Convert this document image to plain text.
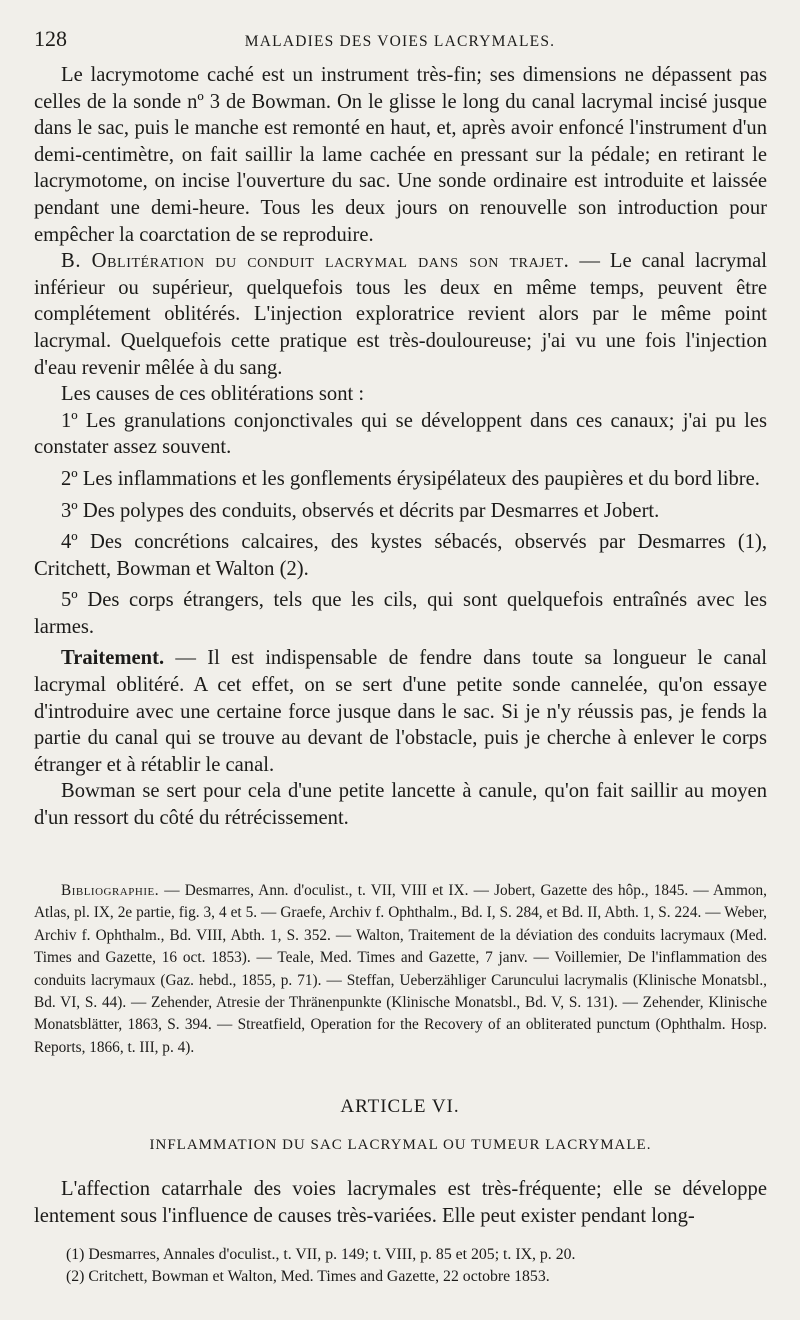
128	MALADIES DES VOIES LACRYMALES.

Le lacrymotome caché est un instrument très-fin; ses dimensions ne dépassent pas celles de la sonde nº 3 de Bowman. On le glisse le long du canal lacrymal incisé jusque dans le sac, puis le manche est remonté en haut, et, après avoir enfoncé l'instrument d'un demi-centimètre, on fait saillir la lame cachée en pressant sur la pédale; en retirant le lacrymotome, on incise l'ouverture du sac. Une sonde ordinaire est introduite et laissée pendant une demi-heure. Tous les deux jours on renouvelle son introduction pour empêcher la coarctation de se reproduire.

B. Oblitération du conduit lacrymal dans son trajet. — Le canal lacrymal inférieur ou supérieur, quelquefois tous les deux en même temps, peuvent être complétement oblitérés. L'injection exploratrice revient alors par le même point lacrymal. Quelquefois cette pratique est très-douloureuse; j'ai vu une fois l'injection d'eau revenir mêlée à du sang.

Les causes de ces oblitérations sont :

1º Les granulations conjonctivales qui se développent dans ces canaux; j'ai pu les constater assez souvent.

2º Les inflammations et les gonflements érysipélateux des paupières et du bord libre.

3º Des polypes des conduits, observés et décrits par Desmarres et Jobert.

4º Des concrétions calcaires, des kystes sébacés, observés par Desmarres (1), Critchett, Bowman et Walton (2).

5º Des corps étrangers, tels que les cils, qui sont quelquefois entraînés avec les larmes.

Traitement. — Il est indispensable de fendre dans toute sa longueur le canal lacrymal oblitéré. A cet effet, on se sert d'une petite sonde cannelée, qu'on essaye d'introduire avec une certaine force jusque dans le sac. Si je n'y réussis pas, je fends la partie du canal qui se trouve au devant de l'obstacle, puis je cherche à enlever le corps étranger et à rétablir le canal.

Bowman se sert pour cela d'une petite lancette à canule, qu'on fait saillir au moyen d'un ressort du côté du rétrécissement.

Bibliographie. — Desmarres, Ann. d'oculist., t. VII, VIII et IX. — Jobert, Gazette des hôp., 1845. — Ammon, Atlas, pl. IX, 2e partie, fig. 3, 4 et 5. — Graefe, Archiv f. Ophthalm., Bd. I, S. 284, et Bd. II, Abth. 1, S. 224. — Weber, Archiv f. Ophthalm., Bd. VIII, Abth. 1, S. 352. — Walton, Traitement de la déviation des conduits lacrymaux (Med. Times and Gazette, 16 oct. 1853). — Teale, Med. Times and Gazette, 7 janv. — Voillemier, De l'inflammation des conduits lacrymaux (Gaz. hebd., 1855, p. 71). — Steffan, Ueberzähliger Caruncului lacrymalis (Klinische Monatsbl., Bd. VI, S. 44). — Zehender, Atresie der Thränenpunkte (Klinische Monatsbl., Bd. V, S. 131). — Zehender, Klinische Monatsblätter, 1863, S. 394. — Streatfield, Operation for the Recovery of an obliterated punctum (Ophthalm. Hosp. Reports, 1866, t. III, p. 4).

ARTICLE VI.
INFLAMMATION DU SAC LACRYMAL OU TUMEUR LACRYMALE.

L'affection catarrhale des voies lacrymales est très-fréquente; elle se développe lentement sous l'influence de causes très-variées. Elle peut exister pendant long-

(1) Desmarres, Annales d'oculist., t. VII, p. 149; t. VIII, p. 85 et 205; t. IX, p. 20.

(2) Critchett, Bowman et Walton, Med. Times and Gazette, 22 octobre 1853.
